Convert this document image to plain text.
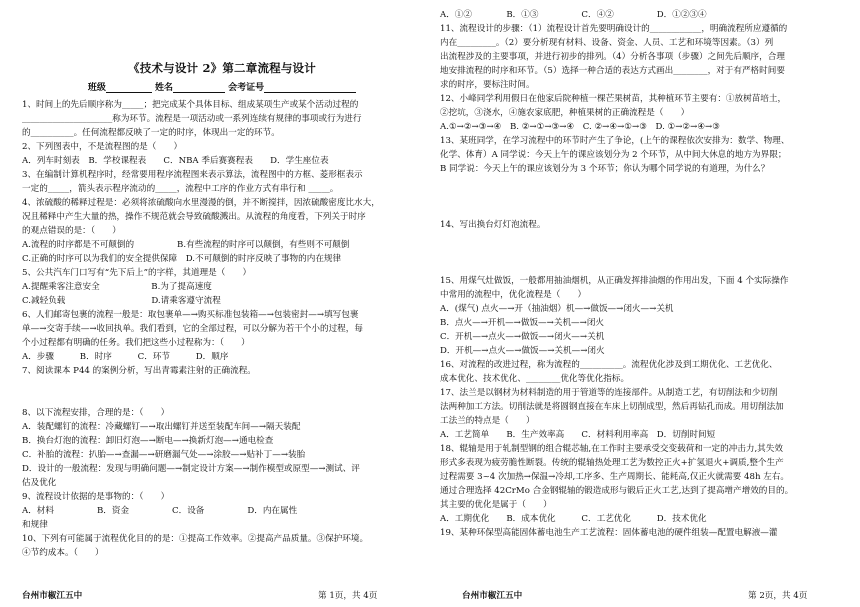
《技术与设计 2》第二章流程与设计
班级	姓名	会考证号

1、时间上的先后顺序称为_____；把完成某个具体目标、组成某项生产或某个活动过程的

_____________________称为环节。流程是一项活动或一系列连续有规律的事项或行为进行

的__________。任何流程都反映了一定的时序，体现出一定的环节。

2、下列图表中，不是流程图的是（　　）

A．列车时刻表　B．学校课程表　　C．NBA 季后赛赛程表　　D．学生座位表

3、在编制计算机程序时，经常要用程序流程图来表示算法，流程图中的方框、菱形框表示

一定的_____，箭头表示程序流动的_____，流程中工序的作业方式有串行和 _____。

4、浓硫酸的稀释过程是：必须将浓硫酸向水里漫漫的倒，并不断搅拌，因浓硫酸密度比水大，

况且稀释中产生大量的热，操作不规范就会导致硫酸溅出。从流程的角度看，下列关于时序

的观点错误的是：（　　）

A.流程的时序都是不可颠倒的　　　　　B.有些流程的时序可以颠倒，有些则不可颠倒

C.正确的时序可以为我们的安全提供保障　D.不可颠倒的时序反映了事物的内在规律

5、公共汽车门口写有“先下后上”的字样，其道理是（　　）

A.提醒乘客注意安全　　　　　　B.为了提高速度

C.减轻负载　　　　　　　　　　D.请乘客遵守流程

6、人们邮寄包裹的流程一般是：取包裹单—→购买标准包装箱—→包装密封—→填写包裹

单—→交寄手续—→收回执单。我们看到，它的全部过程，可以分解为若干个小的过程，每

个小过程都有明确的任务。我们把这些小过程称为：（　　）

A．步骤　　　B．时序　　　C．环节　　　D．顺序

7、阅读课本 P44 的案例分析，写出青霉素注射的正确流程。

8、以下流程安排，合理的是：（　　）

A．装配螺钉的流程：冷藏螺钉—→取出螺钉并送至装配车间—→隔天装配

B．换台灯泡的流程：卸旧灯泡—→断电—→换新灯泡—→通电检查

C．补胎的流程：扒胎—→查漏—→研磨漏气处—→涂胶—→贴补丁—→装胎

D．设计的一般流程：发现与明确问题—→制定设计方案—→制作模型或原型—→测试、评

估及优化

9、流程设计依据的是事物的：（　　）

A．材料　　　　　B．资金　　　　　C．设备　　　　　D．内在属性

和规律

10、下列有可能属于流程优化目的的是：①提高工作效率。②提高产品质量。③保护环境。

④节约成本。（　　）

台州市椒江五中	第 1页，共 4页

A．①②　　　　B．①③　　　　　C．④②　　　　　D．①②③④

11、流程设计的步骤：（1）流程设计首先要明确设计的____________，明确流程所应遵循的

内在_________。（2）要分析现有材料、设备、资金、人员、工艺和环境等因素。（3）列

出流程涉及的主要事项，并进行初步的排列。（4）分析各事项（步骤）之间先后顺序，合理

地安排流程的时序和环节。（5）选择一种合适的表达方式画出________，对于有严格时间要

求的时序，要标注时间。

12、小峰同学利用假日在他家后院种植一棵芒果树苗，其种植环节主要有：①放树苗培土，

②挖坑，③浇水，④施农家底肥，种植果树的正确流程是（　　）

A.①→②→③→④　B. ②→①→③→④　C. ②→④→①→③　D. ①→②→④→③

13、某班同学，在学习流程中的环节时产生了争论，(上午的课程依次安排为：数学、物理、

化学、体育）A 同学说：今天上午的课应该划分为 2 个环节，从中间大休息的地方为界限；

B 同学说：今天上午的课应该划分为 3 个环节；你认为哪个同学说的有道理，为什么？

14、写出换台灯灯泡流程。

15、用煤气灶做饭，一般都用抽油烟机，从正确发挥排油烟的作用出发，下面 4 个实际操作

中常用的流程中，优化流程是（　　）

A．(煤气) 点火—→开（抽油烟）机—→做饭—→闭火—→关机

B．点火—→开机—→做饭—→关机—→闭火

C．开机—→点火—→做饭—→闭火—→关机

D．开机—→点火—→做饭—→关机—→闭火

16、对流程的改进过程，称为流程的__________。流程优化涉及到工期优化、工艺优化、

成本优化、技术优化、________优化等优化指标。

17、法兰是以钢材为材料制造的用于管道等的连接部件。从制造工艺，有切削法和少切削

法两种加工方法。切削法就是将圆钢直接在车床上切削成型，然后再钻孔而成。用切削法加

工法兰的特点是（　　）

A．工艺简单　　B．生产效率高　　C．材料利用率高　D．切削时间短

18、辊轴是用于轧制型钢的组合辊芯轴,在工作时主要承受交变载荷和一定的冲击力,其失效

形式多表现为疲劳脆性断裂。传统的辊轴热处理工艺为数控正火+扩氢退火+调质,整个生产

过程需要 3~4 次加热→保温→冷却,工序多、生产周期长、能耗高,仅正火就需要 48h 左右。

通过合理选择 42CrMo 合金钢辊轴的锻造成形与锻后正火工艺,达到了提高增产增效的目的。

其主要的优化是属于（　　）

A．工期优化　　B．成本优化　　　C．工艺优化　　　D．技术优化

19、某种环保型高能固体蓄电池生产工艺流程：固体蓄电池的硬件组装—配置电解液—灌

台州市椒江五中	第 2页，共 4页
